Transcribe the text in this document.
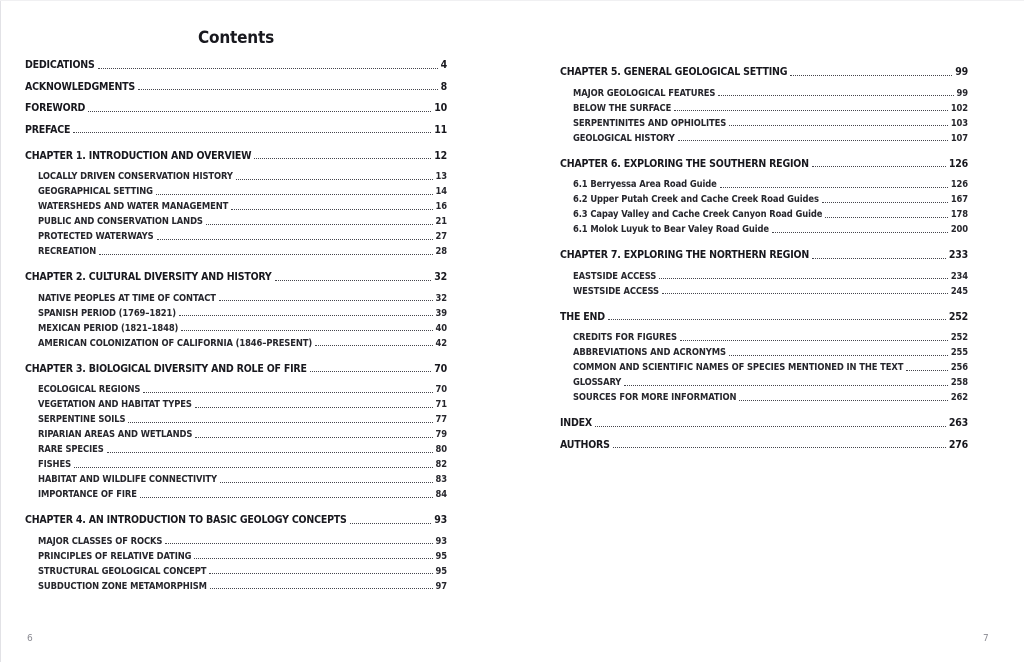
Contents
DEDICATIONS	4
ACKNOWLEDGMENTS	8
FOREWORD	10
PREFACE	11
CHAPTER 1. INTRODUCTION AND OVERVIEW	12
LOCALLY DRIVEN CONSERVATION HISTORY	13
GEOGRAPHICAL SETTING	14
WATERSHEDS AND WATER MANAGEMENT	16
PUBLIC AND CONSERVATION LANDS	21
PROTECTED WATERWAYS	27
RECREATION	28
CHAPTER 2. CULTURAL DIVERSITY AND HISTORY	32
NATIVE PEOPLES AT TIME OF CONTACT	32
SPANISH PERIOD (1769–1821)	39
MEXICAN PERIOD (1821–1848)	40
AMERICAN COLONIZATION OF CALIFORNIA (1846–PRESENT)	42
CHAPTER 3. BIOLOGICAL DIVERSITY AND ROLE OF FIRE	70
ECOLOGICAL REGIONS	70
VEGETATION AND HABITAT TYPES	71
SERPENTINE SOILS	77
RIPARIAN AREAS AND WETLANDS	79
RARE SPECIES	80
FISHES	82
HABITAT AND WILDLIFE CONNECTIVITY	83
IMPORTANCE OF FIRE	84
CHAPTER 4. AN INTRODUCTION TO BASIC GEOLOGY CONCEPTS	93
MAJOR CLASSES OF ROCKS	93
PRINCIPLES OF RELATIVE DATING	95
STRUCTURAL GEOLOGICAL CONCEPT	95
SUBDUCTION ZONE METAMORPHISM	97
CHAPTER 5. GENERAL GEOLOGICAL SETTING	99
MAJOR GEOLOGICAL FEATURES	99
BELOW THE SURFACE	102
SERPENTINITES AND OPHIOLITES	103
GEOLOGICAL HISTORY	107
CHAPTER 6. EXPLORING THE SOUTHERN REGION	126
6.1 Berryessa Area Road Guide	126
6.2 Upper Putah Creek and Cache Creek Road Guides	167
6.3 Capay Valley and Cache Creek Canyon Road Guide	178
6.1 Molok Luyuk to Bear Valey Road Guide	200
CHAPTER 7. EXPLORING THE NORTHERN REGION	233
EASTSIDE ACCESS	234
WESTSIDE ACCESS	245
THE END	252
CREDITS FOR FIGURES	252
ABBREVIATIONS AND ACRONYMS	255
COMMON AND SCIENTIFIC NAMES OF SPECIES MENTIONED IN THE TEXT	256
GLOSSARY	258
SOURCES FOR MORE INFORMATION	262
INDEX	263
AUTHORS	276
6	7
